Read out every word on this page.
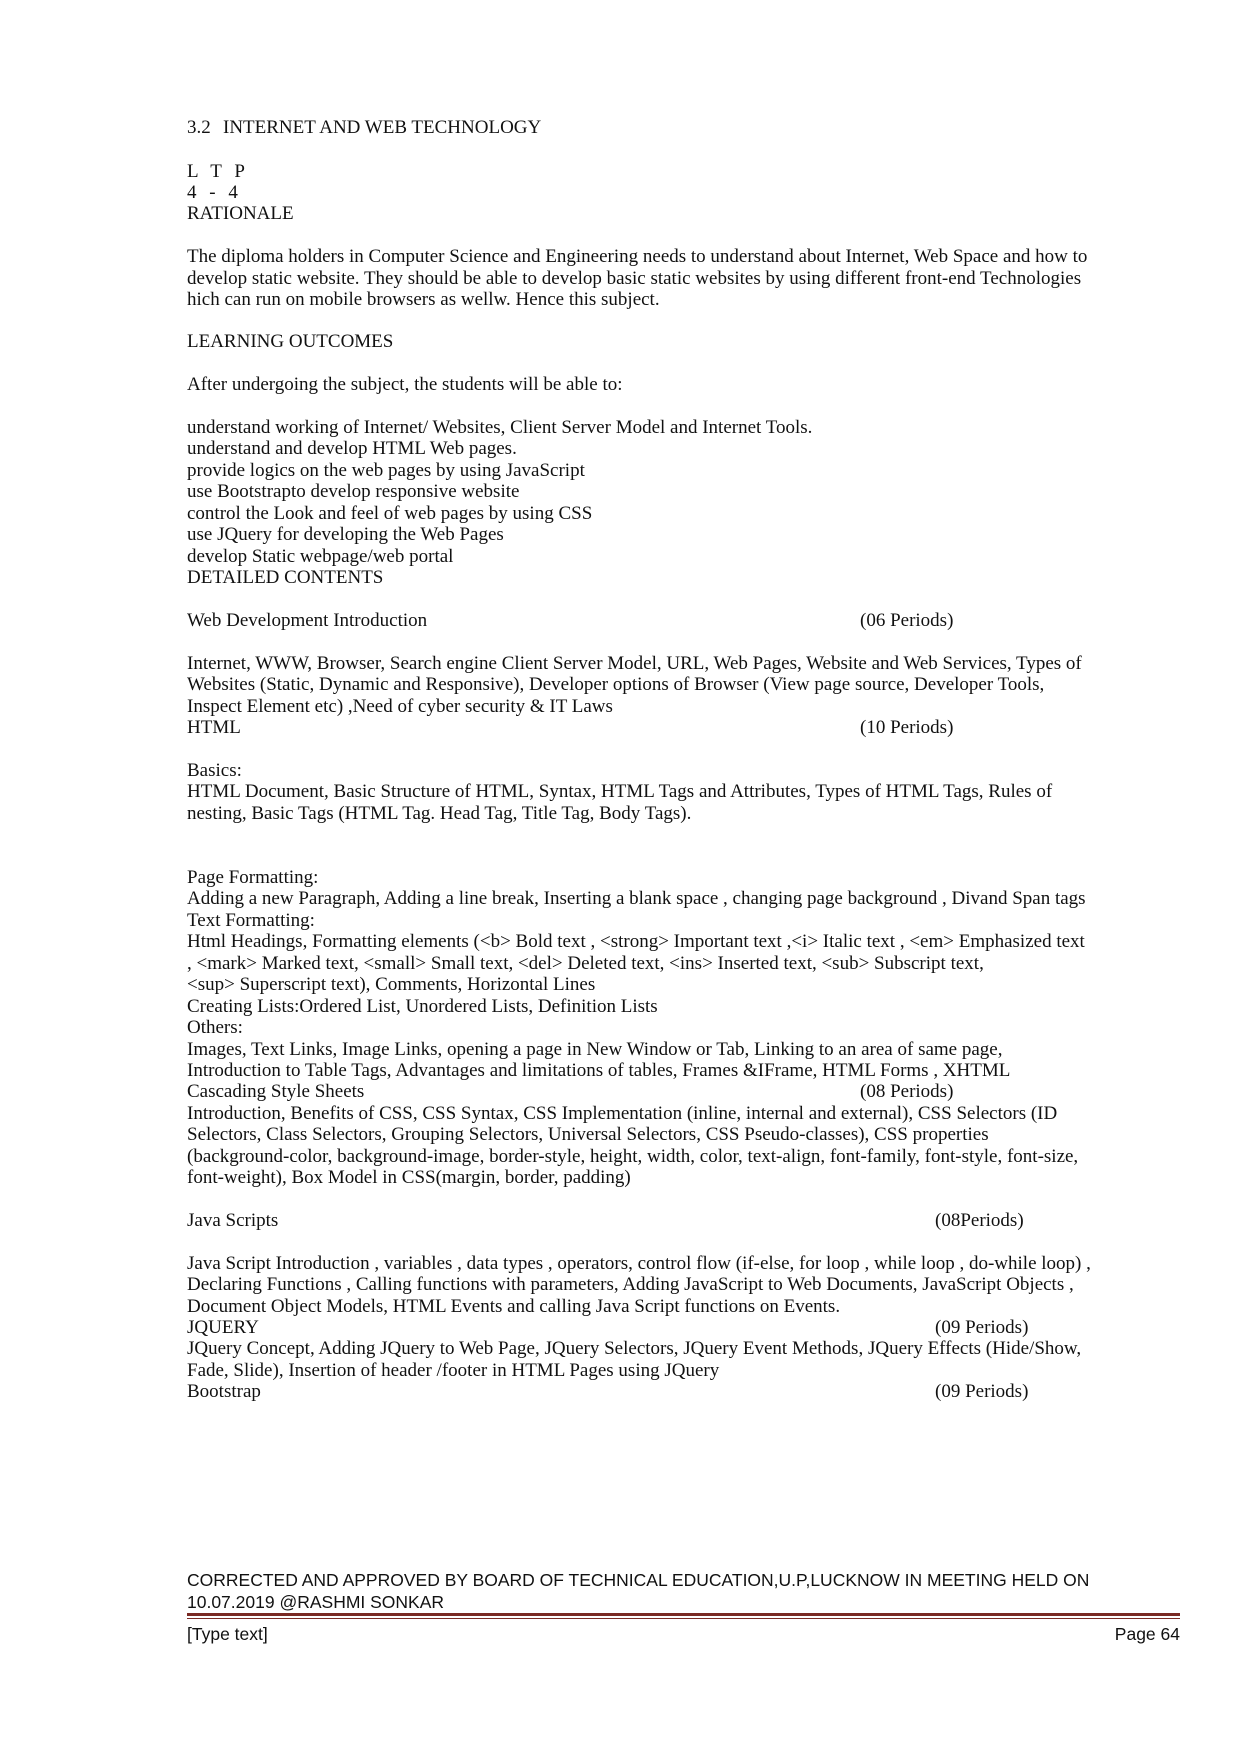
3.2 INTERNET AND WEB TECHNOLOGY
L T P
4 - 4
RATIONALE
The diploma holders in Computer Science and Engineering needs to understand about Internet, Web Space and how to
develop static website. They should be able to develop basic static websites by using different front-end Technologies
hich can run on mobile browsers as wellw. Hence this subject.
LEARNING OUTCOMES
After undergoing the subject, the students will be able to:
understand working of Internet/ Websites, Client Server Model and Internet Tools.
understand and develop HTML Web pages.
provide logics on the web pages by using JavaScript
use Bootstrapto develop responsive website
control the Look and feel of web pages by using CSS
use JQuery for developing the Web Pages
develop Static webpage/web portal
DETAILED CONTENTS
Web Development Introduction	(06 Periods)
Internet, WWW, Browser, Search engine Client Server Model, URL, Web Pages, Website and Web Services, Types of
Websites (Static, Dynamic and Responsive), Developer options of Browser (View page source, Developer Tools,
Inspect Element etc) ,Need of cyber security & IT Laws
HTML	(10 Periods)
Basics:
HTML Document, Basic Structure of HTML, Syntax, HTML Tags and Attributes, Types of HTML Tags, Rules of
nesting, Basic Tags (HTML Tag. Head Tag, Title Tag, Body Tags).
Page Formatting:
Adding a new Paragraph, Adding a line break, Inserting a blank space , changing page background , Divand Span tags
Text Formatting:
Html Headings, Formatting elements (<b> Bold text , <strong> Important text ,<i> Italic text , <em> Emphasized text
, <mark> Marked text, <small> Small text, <del> Deleted text, <ins> Inserted text, <sub> Subscript text,
<sup> Superscript text), Comments, Horizontal Lines
Creating Lists:Ordered List, Unordered Lists, Definition Lists
Others:
Images, Text Links, Image Links, opening a page in New Window or Tab, Linking to an area of same page,
Introduction to Table Tags, Advantages and limitations of tables, Frames &IFrame, HTML Forms , XHTML
Cascading Style Sheets	(08 Periods)
Introduction, Benefits of CSS, CSS Syntax, CSS Implementation (inline, internal and external), CSS Selectors (ID
Selectors, Class Selectors, Grouping Selectors, Universal Selectors, CSS Pseudo-classes), CSS properties
(background-color, background-image, border-style, height, width, color, text-align, font-family, font-style, font-size,
font-weight), Box Model in CSS(margin, border, padding)
Java Scripts	(08Periods)
Java Script Introduction , variables , data types , operators, control flow (if-else, for loop , while loop , do-while loop) ,
Declaring Functions , Calling functions with parameters, Adding JavaScript to Web Documents, JavaScript Objects ,
Document Object Models, HTML Events and calling Java Script functions on Events.
JQUERY	(09 Periods)
JQuery Concept, Adding JQuery to Web Page, JQuery Selectors, JQuery Event Methods, JQuery Effects (Hide/Show,
Fade, Slide), Insertion of header /footer in HTML Pages using JQuery
Bootstrap	(09 Periods)
CORRECTED AND APPROVED BY BOARD OF TECHNICAL EDUCATION,U.P,LUCKNOW IN MEETING HELD ON
10.07.2019 @RASHMI SONKAR
[Type text]	Page 64
